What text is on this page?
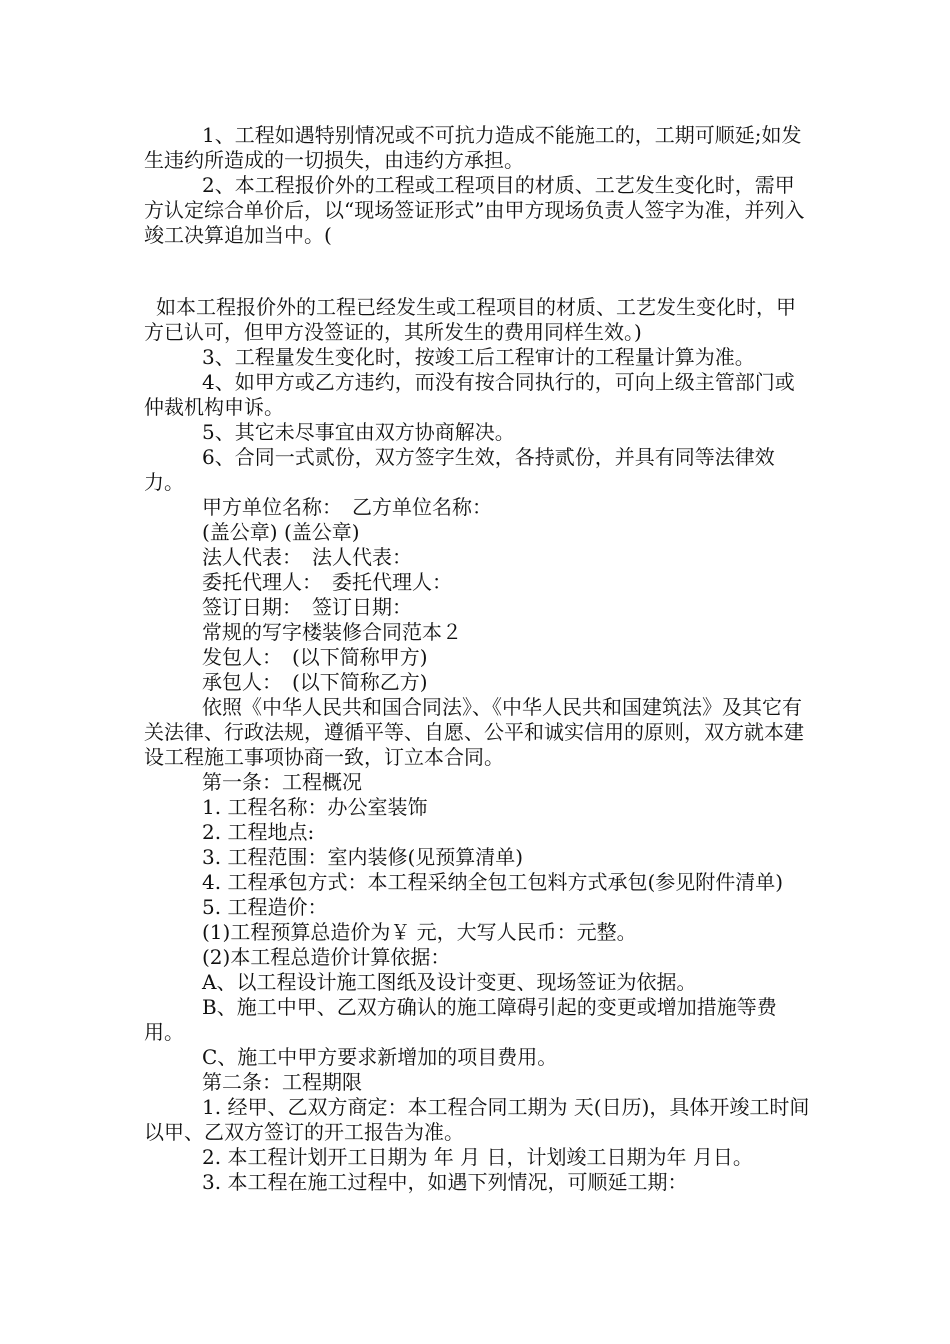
1、工程如遇特别情况或不可抗力造成不能施工的，工期可顺延;如发生违约所造成的一切损失，由违约方承担。

2、本工程报价外的工程或工程项目的材质、工艺发生变化时，需甲方认定综合单价后，以“现场签证形式”由甲方现场负责人签字为准，并列入竣工决算追加当中。(

如本工程报价外的工程已经发生或工程项目的材质、工艺发生变化时，甲方已认可，但甲方没签证的，其所发生的费用同样生效。)

3、工程量发生变化时，按竣工后工程审计的工程量计算为准。

4、如甲方或乙方违约，而没有按合同执行的，可向上级主管部门或仲裁机构申诉。

5、其它未尽事宜由双方协商解决。

6、合同一式贰份，双方签字生效，各持贰份，并具有同等法律效力。

甲方单位名称：　乙方单位名称：

(盖公章) (盖公章)

法人代表：　法人代表：

委托代理人：　委托代理人：

签订日期：　签订日期：

常规的写字楼装修合同范本２

发包人：　(以下简称甲方)

承包人：　(以下简称乙方)

依照《中华人民共和国合同法》、《中华人民共和国建筑法》及其它有关法律、行政法规，遵循平等、自愿、公平和诚实信用的原则，双方就本建设工程施工事项协商一致，订立本合同。

第一条：工程概况

1. 工程名称：办公室装饰

2. 工程地点:

3. 工程范围：室内装修(见预算清单)

4. 工程承包方式：本工程采纳全包工包料方式承包(参见附件清单)

5. 工程造价：

(1)工程预算总造价为￥ 元，大写人民币：元整。

(2)本工程总造价计算依据：

A、以工程设计施工图纸及设计变更、现场签证为依据。

B、施工中甲、乙双方确认的施工障碍引起的变更或增加措施等费用。

C、施工中甲方要求新增加的项目费用。

第二条：工程期限

1. 经甲、乙双方商定：本工程合同工期为 天(日历)，具体开竣工时间以甲、乙双方签订的开工报告为准。

2. 本工程计划开工日期为 年 月 日，计划竣工日期为年 月日。

3. 本工程在施工过程中，如遇下列情况，可顺延工期：
